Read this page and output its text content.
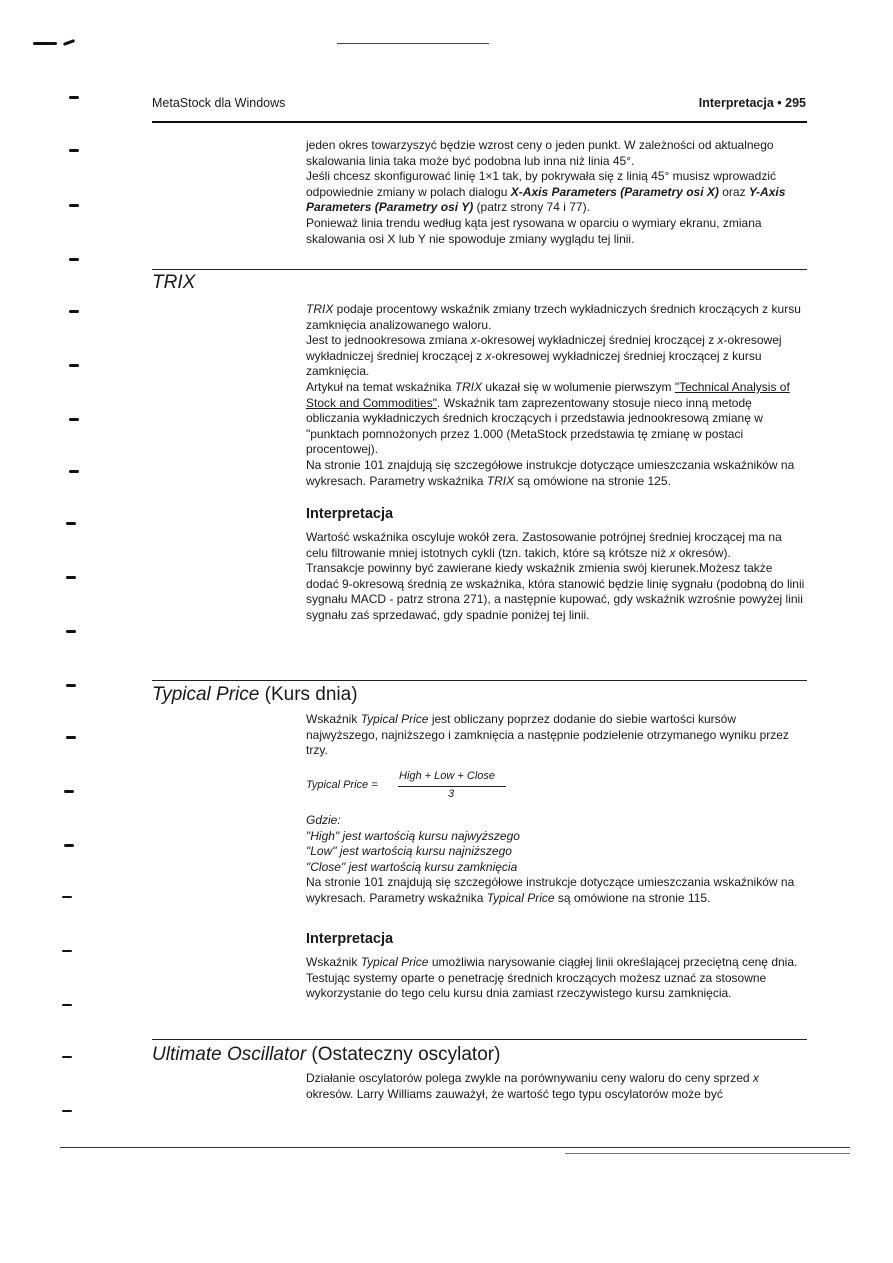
MetaStock dla Windows	Interpretacja • 295

jeden okres towarzyszyć będzie wzrost ceny o jeden punkt. W zależności od aktualnego skalowania linia taka może być podobna lub inna niż linia 45°.

Jeśli chcesz skonfigurować linię 1×1 tak, by pokrywała się z linią 45° musisz wprowadzić odpowiednie zmiany w polach dialogu X-Axis Parameters (Parametry osi X) oraz Y-Axis Parameters (Parametry osi Y) (patrz strony 74 i 77).

Ponieważ linia trendu według kąta jest rysowana w oparciu o wymiary ekranu, zmiana skalowania osi X lub Y nie spowoduje zmiany wyglądu tej linii.

TRIX

TRIX podaje procentowy wskaźnik zmiany trzech wykładniczych średnich kroczących z kursu zamknięcia analizowanego waloru.

Jest to jednookresowa zmiana x-okresowej wykładniczej średniej kroczącej z x-okresowej wykładniczej średniej kroczącej z x-okresowej wykładniczej średniej kroczącej z kursu zamknięcia.

Artykuł na temat wskaźnika TRIX ukazał się w wolumenie pierwszym "Technical Analysis of Stock and Commodities". Wskaźnik tam zaprezentowany stosuje nieco inną metodę obliczania wykładniczych średnich kroczących i przedstawia jednookresową zmianę w "punktach pomnożonych przez 1.000 (MetaStock przedstawia tę zmianę w postaci procentowej).

Na stronie 101 znajdują się szczegółowe instrukcje dotyczące umieszczania wskaźników na wykresach. Parametry wskaźnika TRIX są omówione na stronie 125.

Interpretacja

Wartość wskaźnika oscyluje wokół zera. Zastosowanie potrójnej średniej kroczącej ma na celu filtrowanie mniej istotnych cykli (tzn. takich, które są krótsze niż x okresów).

Transakcje powinny być zawierane kiedy wskaźnik zmienia swój kierunek.Możesz także dodać 9-okresową średnią ze wskaźnika, która stanowić będzie linię sygnału (podobną do linii sygnału MACD - patrz strona 271), a następnie kupować, gdy wskaźnik wzrośnie powyżej linii sygnału zaś sprzedawać, gdy spadnie poniżej tej linii.

Typical Price (Kurs dnia)

Wskaźnik Typical Price jest obliczany poprzez dodanie do siebie wartości kursów najwyższego, najniższego i zamknięcia a następnie podzielenie otrzymanego wyniku przez trzy.

Typical Price =
High + Low + Close
3

Gdzie:

"High" jest wartością kursu najwyższego

"Low" jest wartością kursu najniższego

"Close" jest wartością kursu zamknięcia

Na stronie 101 znajdują się szczegółowe instrukcje dotyczące umieszczania wskaźników na wykresach. Parametry wskaźnika Typical Price są omówione na stronie 115.

Interpretacja

Wskaźnik Typical Price umożliwia narysowanie ciągłej linii określającej przeciętną cenę dnia. Testując systemy oparte o penetrację średnich kroczących możesz uznać za stosowne wykorzystanie do tego celu kursu dnia zamiast rzeczywistego kursu zamknięcia.

Ultimate Oscillator (Ostateczny oscylator)

Działanie oscylatorów polega zwykle na porównywaniu ceny waloru do ceny sprzed x okresów. Larry Williams zauważył, że wartość tego typu oscylatorów może być
